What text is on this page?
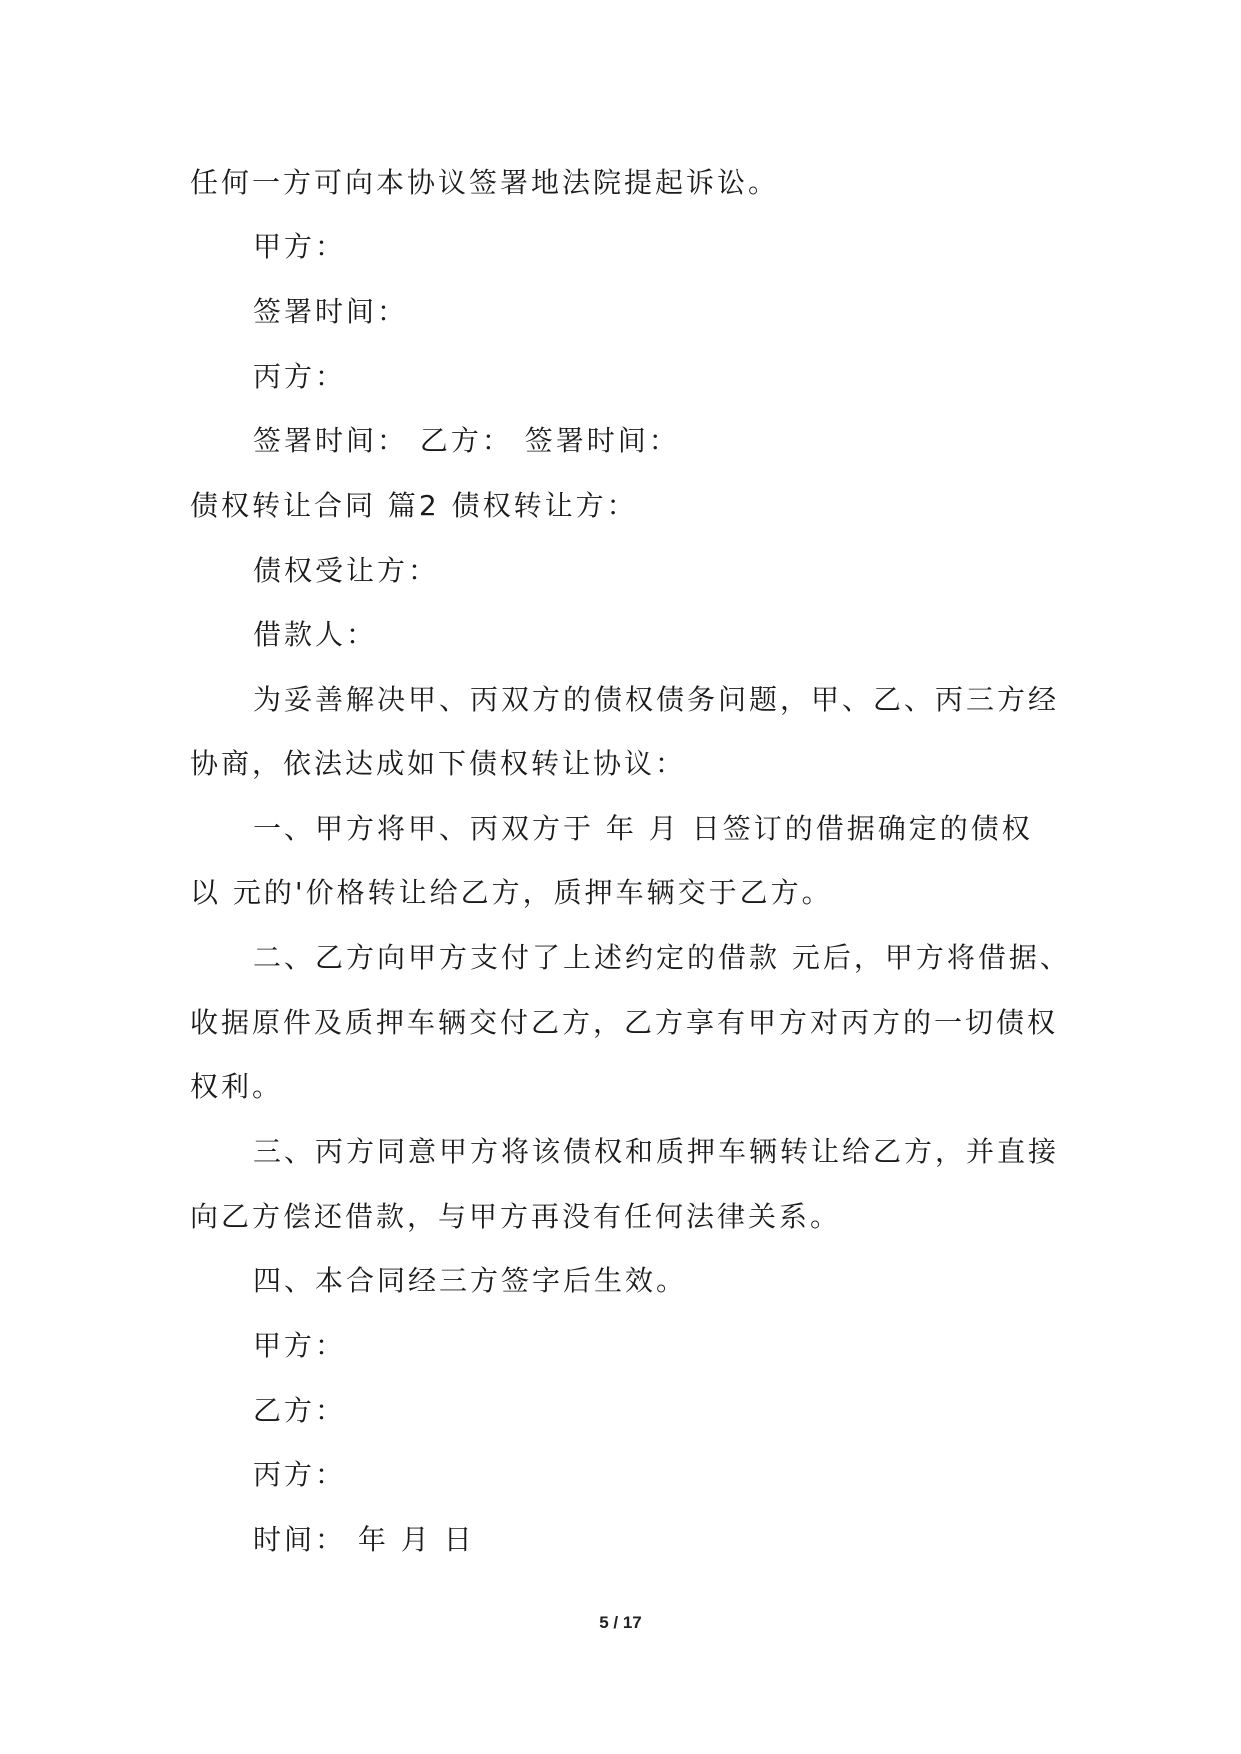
任何一方可向本协议签署地法院提起诉讼。
甲方：
签署时间：
丙方：
签署时间： 乙方： 签署时间：
债权转让合同 篇2 债权转让方：
债权受让方：
借款人：
为妥善解决甲、丙双方的债权债务问题，甲、乙、丙三方经
协商，依法达成如下债权转让协议：
一、甲方将甲、丙双方于 年 月 日签订的借据确定的债权
以 元的'价格转让给乙方，质押车辆交于乙方。
二、乙方向甲方支付了上述约定的借款 元后，甲方将借据、
收据原件及质押车辆交付乙方，乙方享有甲方对丙方的一切债权
权利。
三、丙方同意甲方将该债权和质押车辆转让给乙方，并直接
向乙方偿还借款，与甲方再没有任何法律关系。
四、本合同经三方签字后生效。
甲方：
乙方：
丙方：
时间： 年 月 日
5 / 17
